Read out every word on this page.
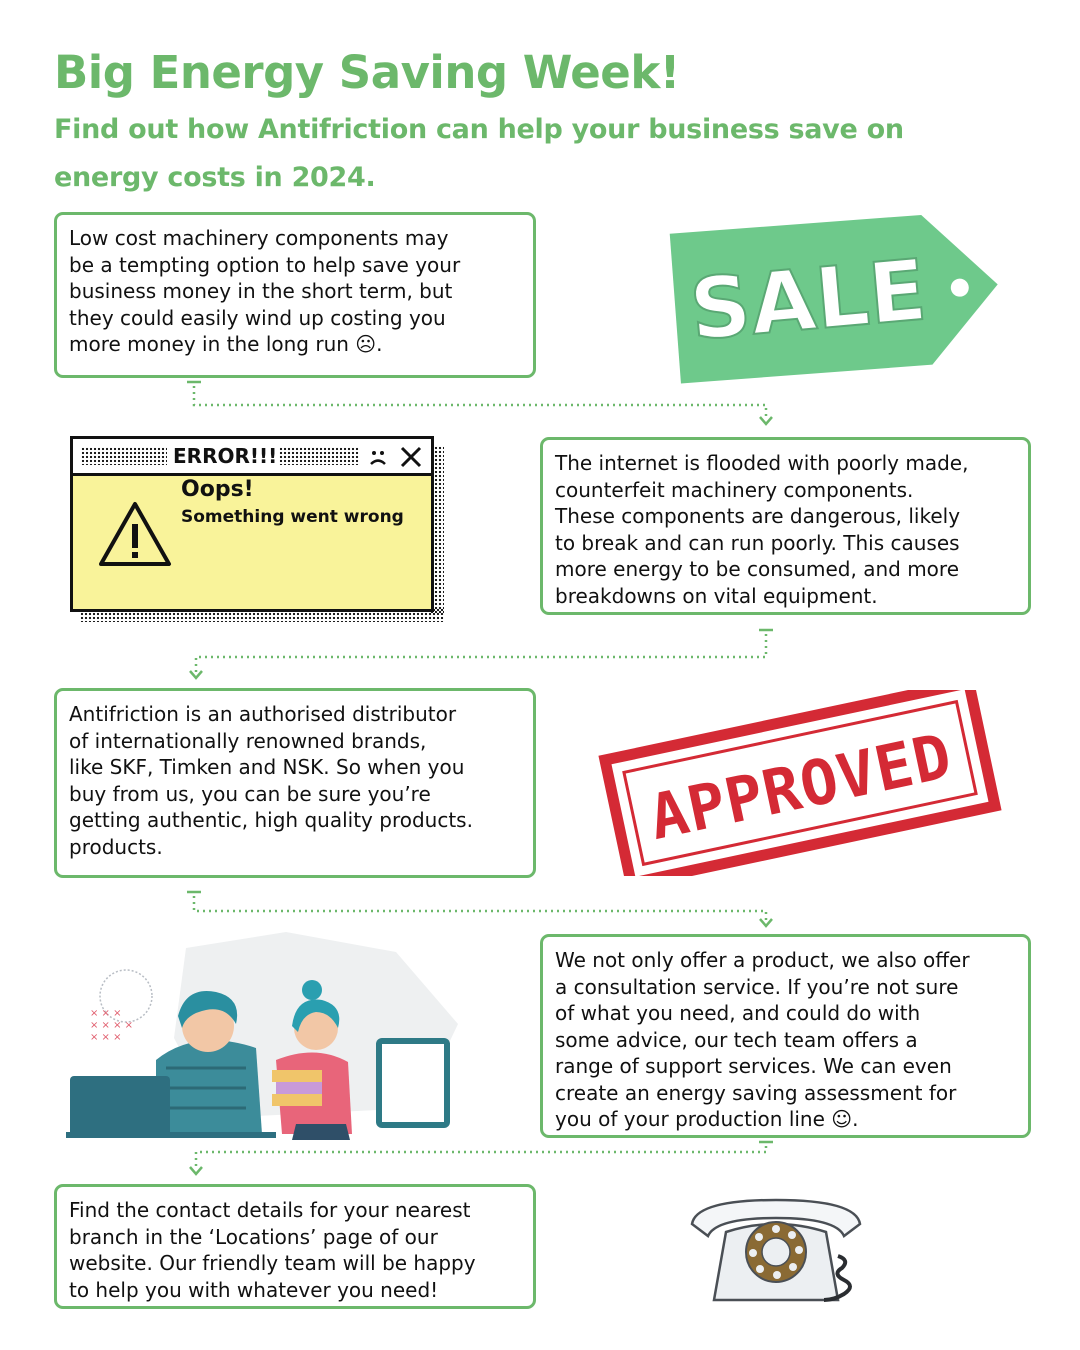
Big Energy Saving Week!

Find out how Antifriction can help your business save on energy costs in 2024.

Low cost machinery components may
be a tempting option to help save your
business money in the short term, but
they could easily wind up costing you
more money in the long run ☹.
The internet is flooded with poorly made,
counterfeit machinery components.
These components are dangerous, likely
to break and can run poorly. This causes
more energy to be consumed, and more
breakdowns on vital equipment.
Antifriction is an authorised distributor
of internationally renowned brands,
like SKF, Timken and NSK. So when you
buy from us, you can be sure you’re
getting authentic, high quality products.
products.
We not only offer a product, we also offer
a consultation service. If you’re not sure
of what you need, and could do with
some advice, our tech team offers a
range of support services. We can even
create an energy saving assessment for
you of your production line ☺.
Find the contact details for your nearest
branch in the ‘Locations’ page of our
website. Our friendly team will be happy
to help you with whatever you need!
SALE
ERROR!!!
Oops!
Something went wrong
APPROVED
× × ×
× × × ×
× × ×
